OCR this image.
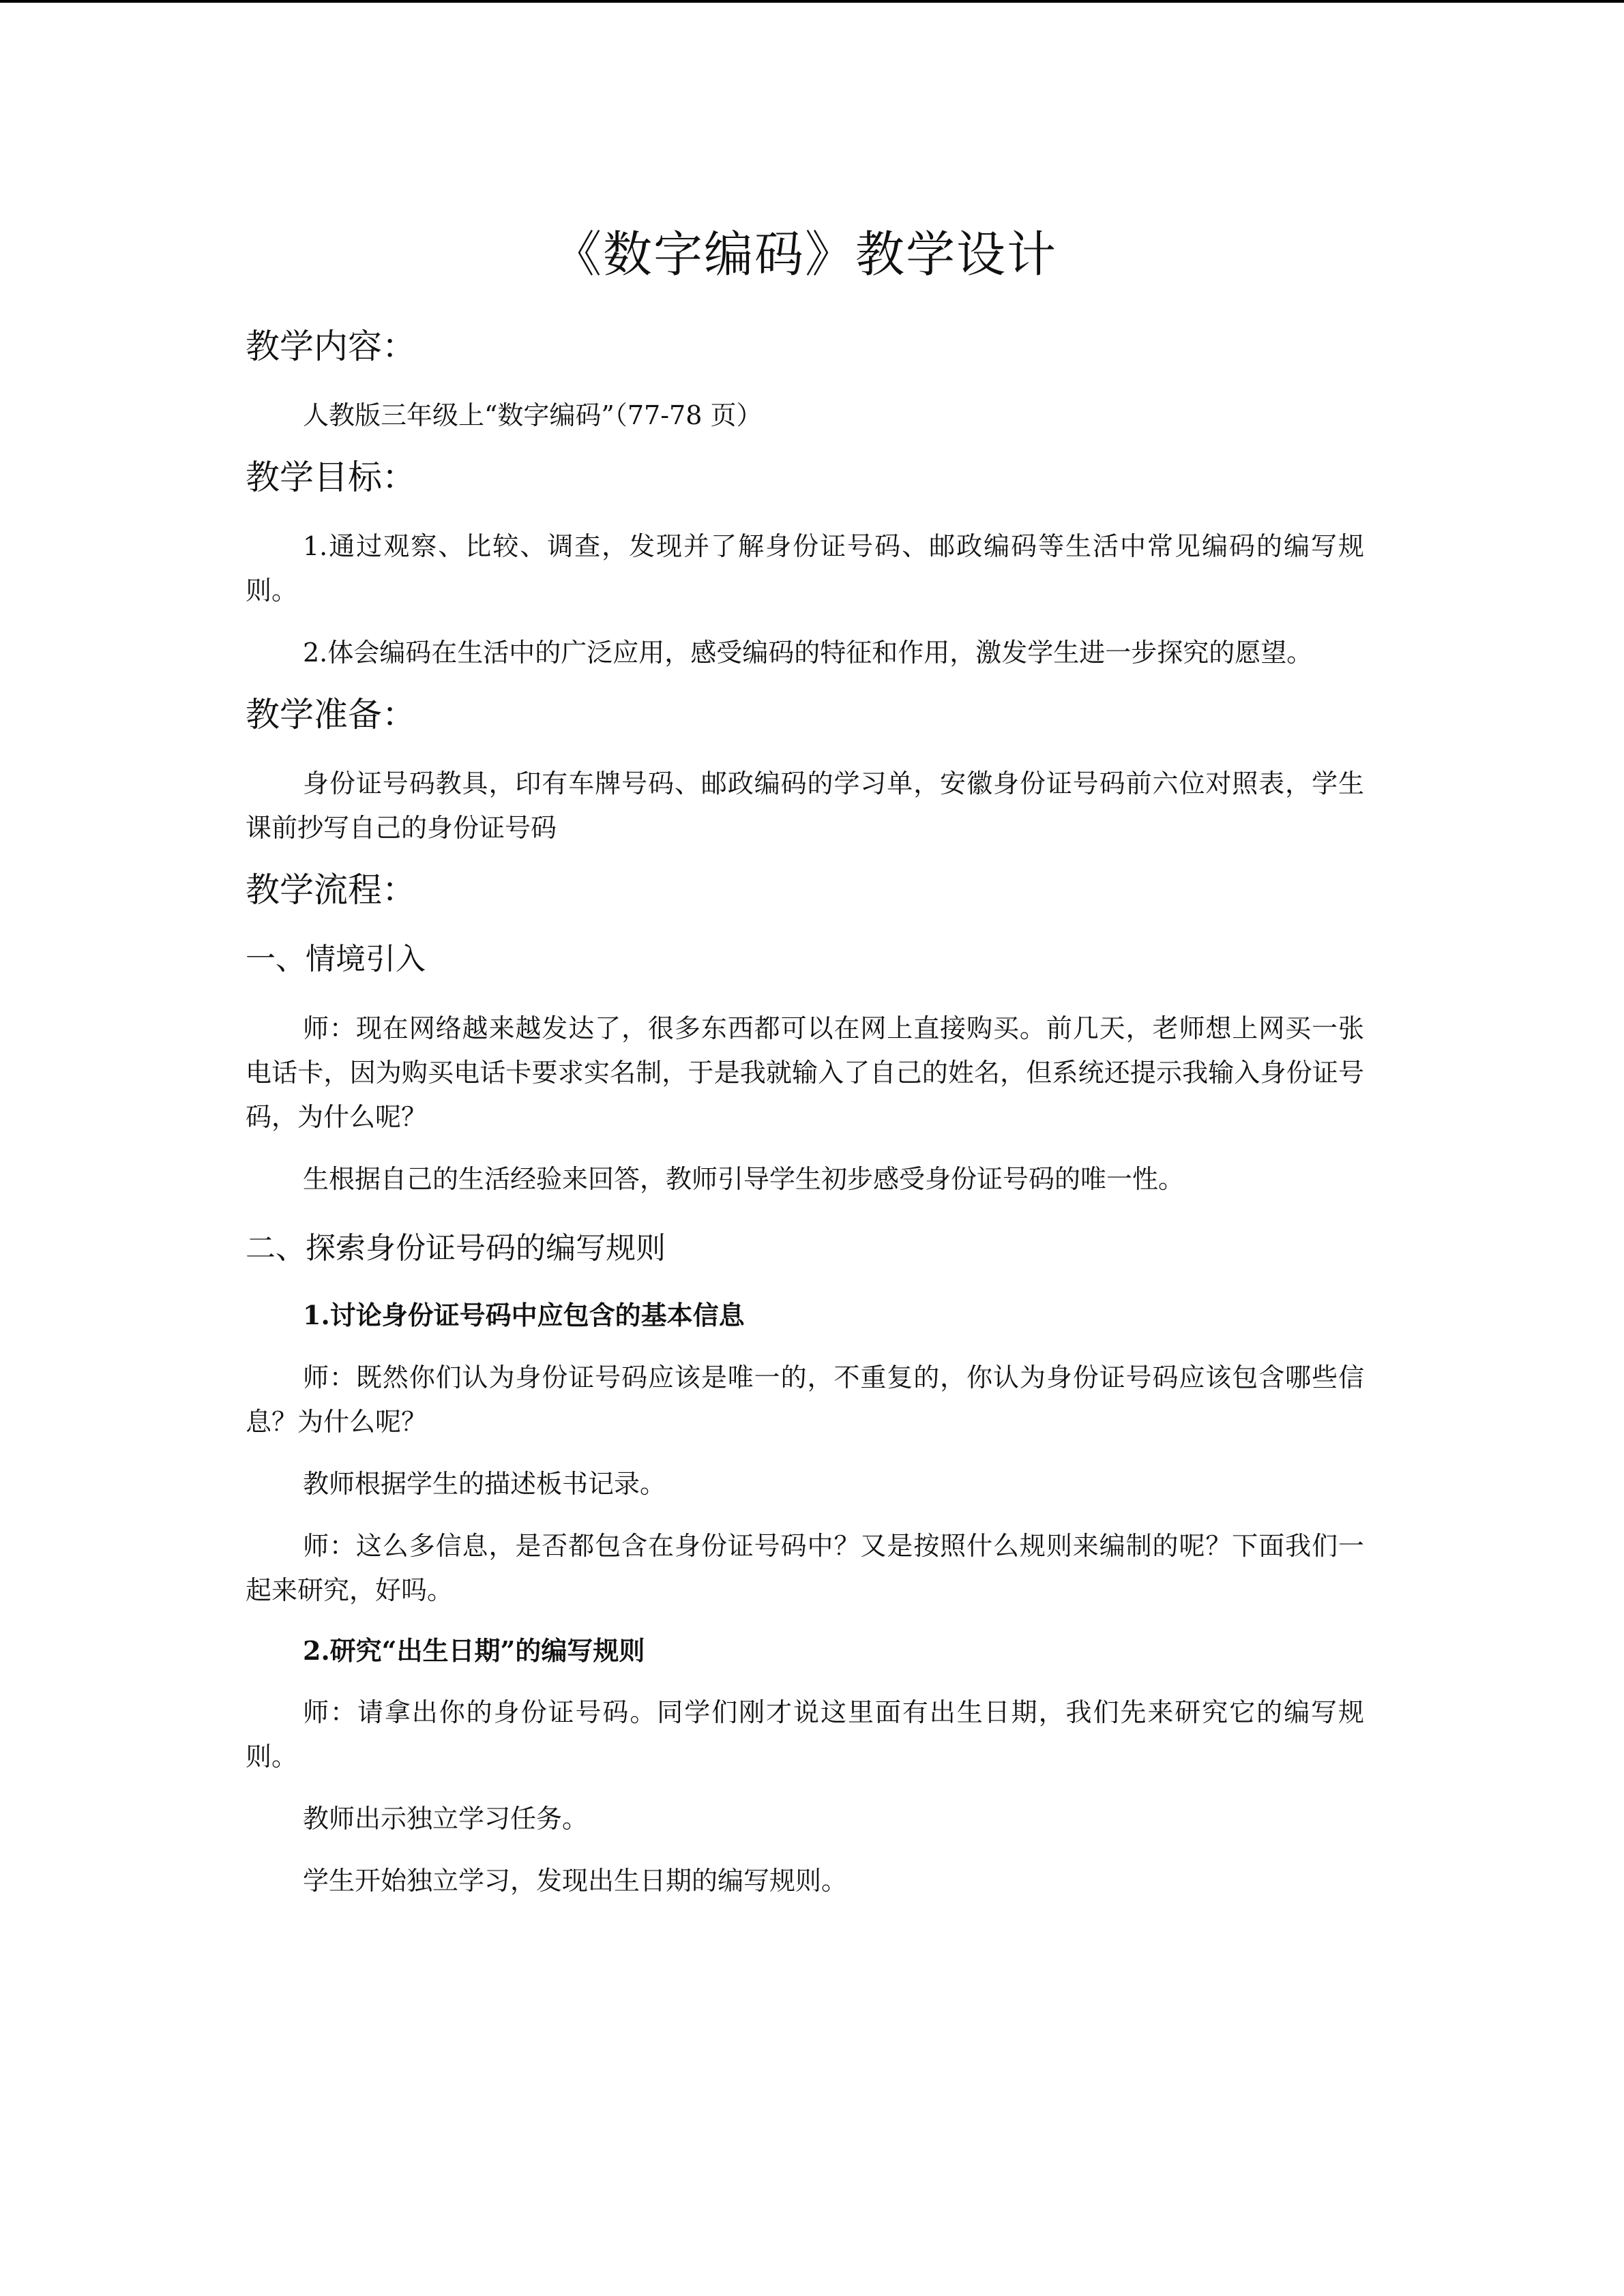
《数字编码》教学设计
教学内容：

人教版三年级上“数字编码”（77-78 页）

教学目标：

1.通过观察、比较、调查，发现并了解身份证号码、邮政编码等生活中常见编码的编写规则。

2.体会编码在生活中的广泛应用，感受编码的特征和作用，激发学生进一步探究的愿望。

教学准备：

身份证号码教具，印有车牌号码、邮政编码的学习单，安徽身份证号码前六位对照表，学生课前抄写自己的身份证号码

教学流程：
一、情境引入

师：现在网络越来越发达了，很多东西都可以在网上直接购买。前几天，老师想上网买一张电话卡，因为购买电话卡要求实名制，于是我就输入了自己的姓名，但系统还提示我输入身份证号码，为什么呢？

生根据自己的生活经验来回答，教师引导学生初步感受身份证号码的唯一性。

二、探索身份证号码的编写规则

1.讨论身份证号码中应包含的基本信息

师：既然你们认为身份证号码应该是唯一的，不重复的，你认为身份证号码应该包含哪些信息？为什么呢？

教师根据学生的描述板书记录。

师：这么多信息，是否都包含在身份证号码中？又是按照什么规则来编制的呢？下面我们一起来研究，好吗。

2.研究“出生日期”的编写规则

师：请拿出你的身份证号码。同学们刚才说这里面有出生日期，我们先来研究它的编写规则。

教师出示独立学习任务。

学生开始独立学习，发现出生日期的编写规则。
